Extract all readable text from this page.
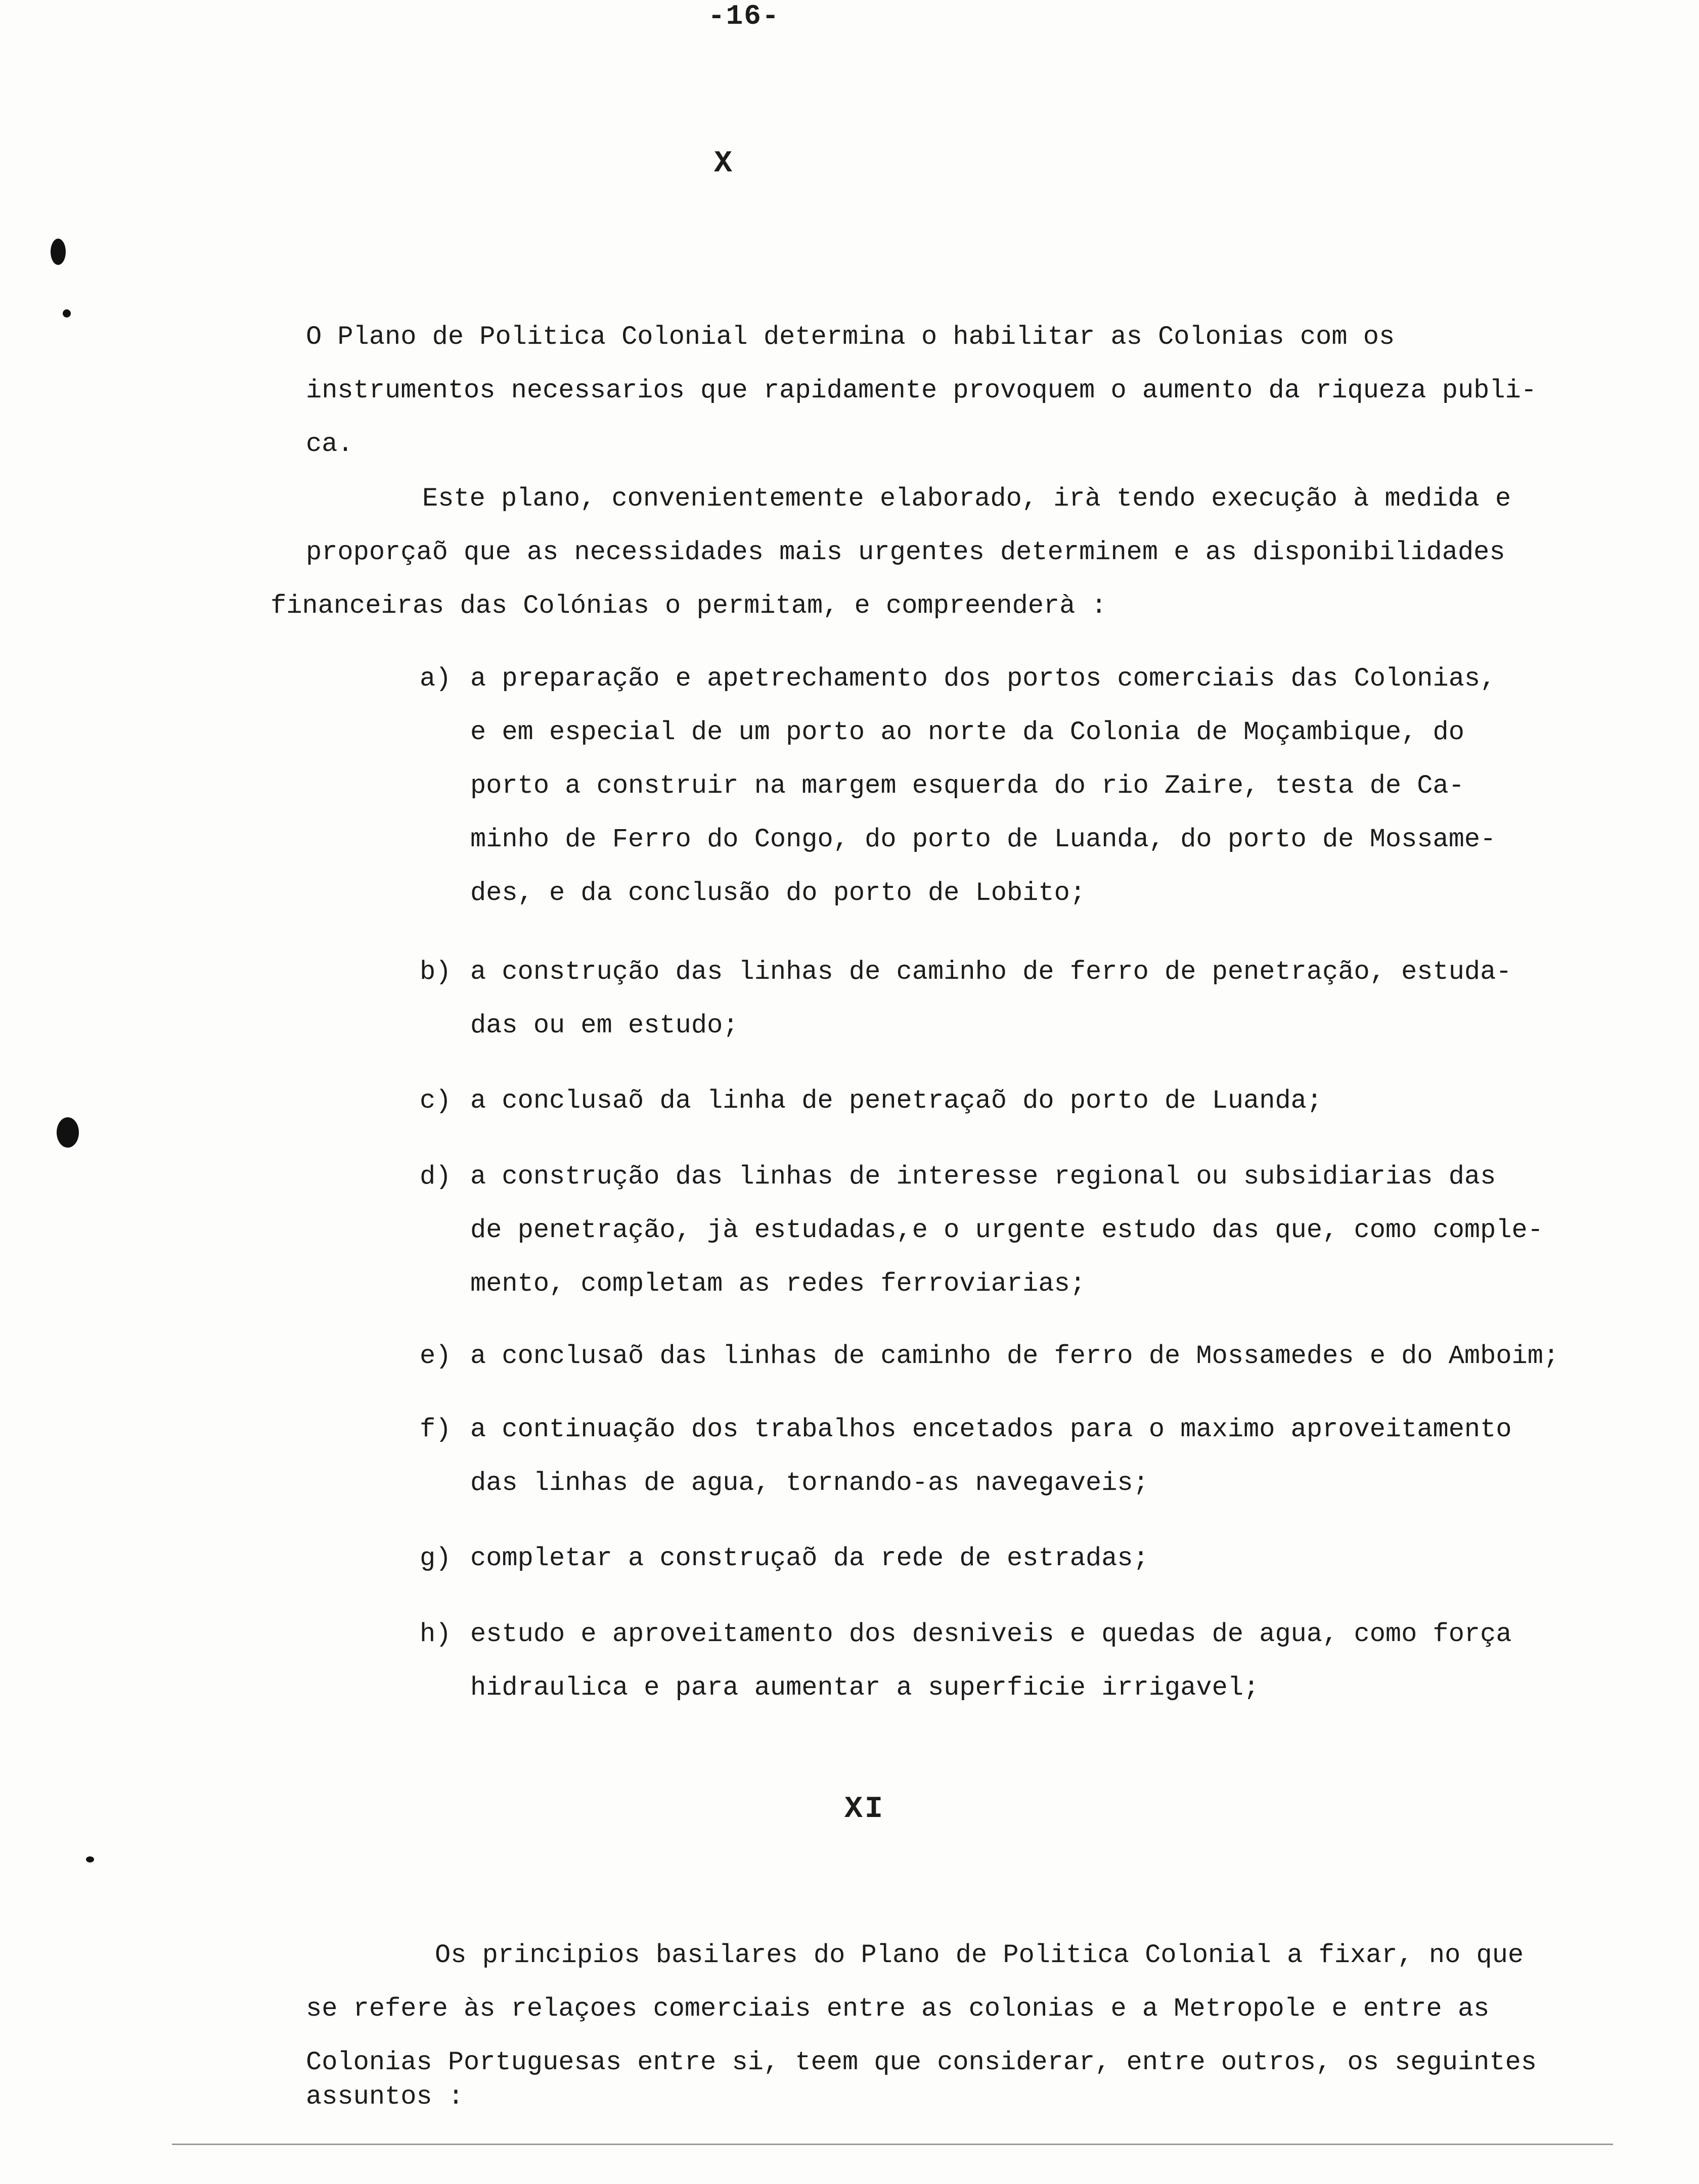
-16-
X
O Plano de Politica Colonial determina o habilitar as Colonias com os
instrumentos necessarios que rapidamente provoquem o aumento da riqueza publi-
ca.
Este plano, convenientemente elaborado, irà tendo execução à medida e
proporçaõ que as necessidades mais urgentes determinem e as disponibilidades
financeiras das Colónias o permitam, e compreenderà :
a) a preparação e apetrechamento dos portos comerciais das Colonias,
e em especial de um porto ao norte da Colonia de Moçambique, do
porto a construir na margem esquerda do rio Zaire, testa de Ca-
minho de Ferro do Congo, do porto de Luanda, do porto de Mossame-
des, e da conclusão do porto de Lobito;
b) a construção das linhas de caminho de ferro de penetração, estuda-
das ou em estudo;
c) a conclusaõ da linha de penetraçaõ do porto de Luanda;
d) a construção das linhas de interesse regional ou subsidiarias das
de penetração, jà estudadas,e o urgente estudo das que, como comple-
mento, completam as redes ferroviarias;
e) a conclusaõ das linhas de caminho de ferro de Mossamedes e do Amboim;
f) a continuação dos trabalhos encetados para o maximo aproveitamento
das linhas de agua, tornando-as navegaveis;
g) completar a construçaõ da rede de estradas;
h) estudo e aproveitamento dos desniveis e quedas de agua, como força
hidraulica e para aumentar a superficie irrigavel;
XI
Os principios basilares do Plano de Politica Colonial a fixar, no que
se refere às relaçoes comerciais entre as colonias e a Metropole e entre as
Colonias Portuguesas entre si, teem que considerar, entre outros, os seguintes
assuntos :
